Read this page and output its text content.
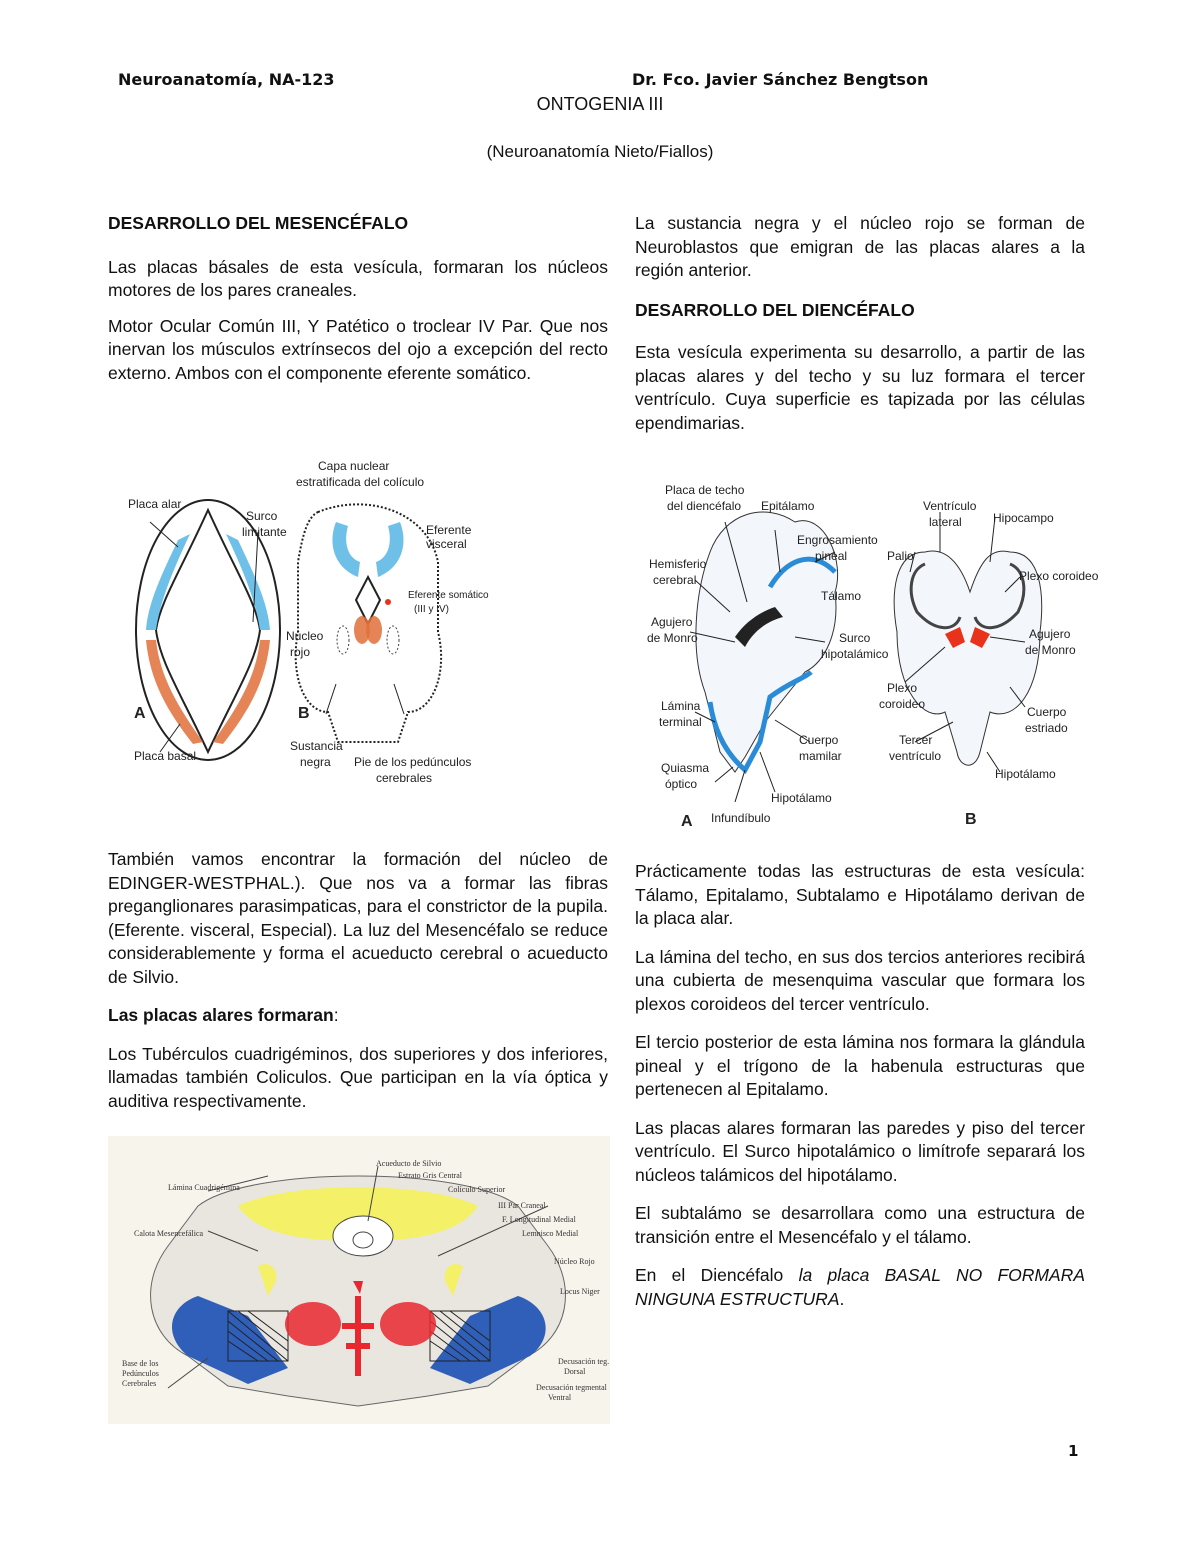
Neuroanatomía, NA-123	Dr. Fco. Javier Sánchez Bengtson
ONTOGENIA III
(Neuroanatomía Nieto/Fiallos)
DESARROLLO DEL MESENCÉFALO

Las placas básales de esta vesícula, formaran los núcleos motores de los pares craneales.

Motor Ocular Común III, Y Patético o troclear IV Par. Que nos inervan los músculos extrínsecos del ojo a excepción del recto externo. Ambos con el componente eferente somático.

Placa alar
Surco
limitante
Placa basal
A
Capa nuclear
estratificada del colículo
Eferente
visceral
Eferente somático
(III y IV)
Núcleo
rojo
B
Sustancia
negra Pie de los pedúnculos
cerebrales

También vamos encontrar la formación del núcleo de EDINGER-WESTPHAL.). Que nos va a formar las fibras preganglionares parasimpaticas, para el constrictor de la pupila. (Eferente. visceral, Especial). La luz del Mesencéfalo se reduce considerablemente y forma el acueducto cerebral o acueducto de Silvio.

Las placas alares formaran:

Los Tubérculos cuadrigéminos, dos superiores y dos inferiores, llamadas también Coliculos. Que participan en la vía óptica y auditiva respectivamente.

Acueducto de Silvio
Estrato Gris Central
Colículo Superior
Lámina Cuadrigémina
III Par Craneal
F. Longitudinal Medial
Calota Mesencefálica	Lemnisco Medial
Núcleo Rojo
Locus Niger
Base de los
Pedúnculos
Cerebrales
Decusación teg.
Dorsal
Decusación tegmental
Ventral

La sustancia negra y el núcleo rojo se forman de Neuroblastos que emigran de las placas alares a la región anterior.

DESARROLLO DEL DIENCÉFALO

Esta vesícula experimenta su desarrollo, a partir de las placas alares y del techo y su luz formara el tercer ventrículo. Cuya superficie es tapizada por las células ependimarias.

Placa de techo
del diencéfalo Epitálamo
Engrosamiento
pineal
Hemisferio
cerebral
Tálamo
Agujero
de Monro	Surco
hipotalámico
Lámina
terminal
Cuerpo
mamilar
Quiasma
óptico
Hipotálamo
Infundíbulo
A
Ventrículo
lateral	Hipocampo
Palio
Plexo coroideo
Agujero
de Monro
Plexo
coroideo
Cuerpo
estriado
Tercer
ventrículo
Hipotálamo
B

Prácticamente todas las estructuras de esta vesícula: Tálamo, Epitalamo, Subtalamo e Hipotálamo derivan de la placa alar.

La lámina del techo, en sus dos tercios anteriores recibirá una cubierta de mesenquima vascular que formara los plexos coroideos del tercer ventrículo.

El tercio posterior de esta lámina nos formara la glándula pineal y el trígono de la habenula estructuras que pertenecen al Epitalamo.

Las placas alares formaran las paredes y piso del tercer ventrículo. El Surco hipotalámico o limítrofe separará los núcleos talámicos del hipotálamo.

El subtalámo se desarrollara como una estructura de transición entre el Mesencéfalo y el tálamo.

En el Diencéfalo la placa BASAL NO FORMARA NINGUNA ESTRUCTURA.

1
